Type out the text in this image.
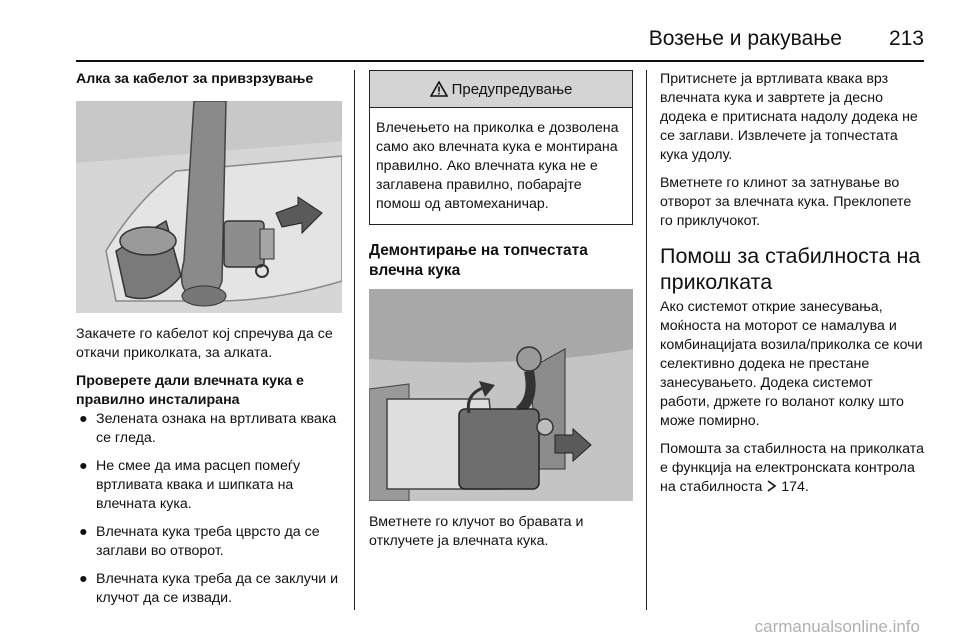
Возење и ракување 213

Алка за кабелот за привзрзување

Закачете го кабелот кој спречува да се откачи приколката, за алката.

Проверете дали влечната кука е правилно инсталирана

● Зелената ознака на вртливата квака се гледа.
● Не смее да има расцеп помеѓу вртливата квака и шипката на влечната кука.
● Влечната кука треба цврсто да се заглави во отворот.
● Влечната кука треба да се заклучи и клучот да се извади.
Предупредување

Влечењето на приколка е дозволена само ако влечната кука е монтирана правилно. Ако влечната кука не е заглавена правилно, побарајте помош од автомеханичар.

Демонтирање на топчестата влечна кука

Вметнете го клучот во бравата и отклучете ја влечната кука.

Притиснете ја вртливата квака врз влечната кука и завртете ја десно додека е притисната надолу додека не се заглави. Извлечете ја топчестата кука удолу.

Вметнете го клинот за затнување во отворот за влечната кука. Преклопете го приклучокот.

Помош за стабилноста на приколката

Ако системот открие занесувања, моќноста на моторот се намалува и комбинацијата возила/приколка се кочи селективно додека не престане занесувањето. Додека системот работи, држете го воланот колку што може помирно.

Помошта за стабилноста на приколката е функција на електронската контрола на стабилноста 174.

carmanualsonline.info
